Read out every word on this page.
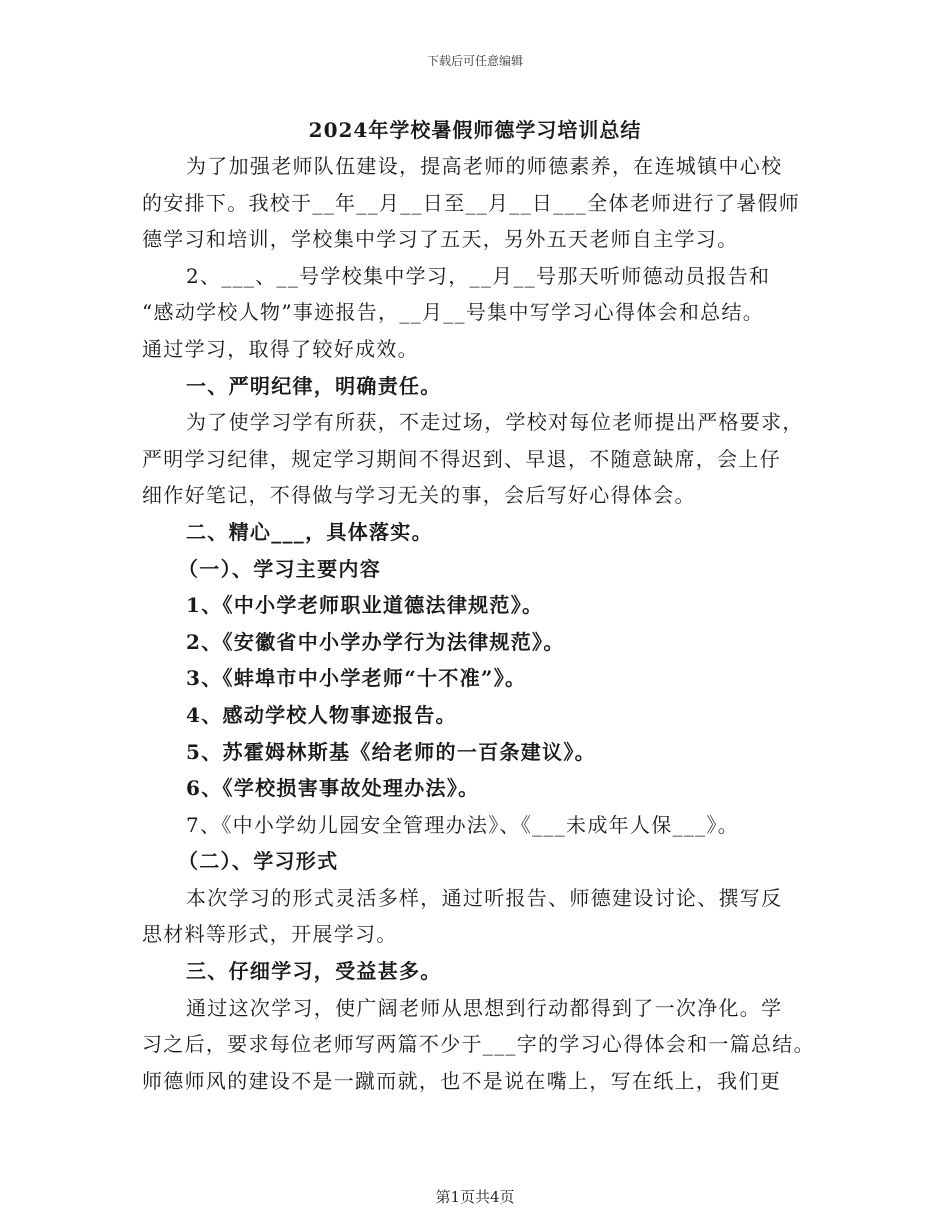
下载后可任意编辑
2024年学校暑假师德学习培训总结

为了加强老师队伍建设，提高老师的师德素养，在连城镇中心校

的安排下。我校于__年__月__日至__月__日___全体老师进行了暑假师

德学习和培训，学校集中学习了五天，另外五天老师自主学习。

2、___、__号学校集中学习，__月__号那天听师德动员报告和

“感动学校人物”事迹报告，__月__号集中写学习心得体会和总结。

通过学习，取得了较好成效。

一、严明纪律，明确责任。

为了使学习学有所获，不走过场，学校对每位老师提出严格要求，

严明学习纪律，规定学习期间不得迟到、早退，不随意缺席，会上仔

细作好笔记，不得做与学习无关的事，会后写好心得体会。

二、精心___，具体落实。

（一）、学习主要内容

1、《中小学老师职业道德法律规范》。

2、《安徽省中小学办学行为法律规范》。

3、《蚌埠市中小学老师“十不准”》。

4、感动学校人物事迹报告。

5、苏霍姆林斯基《给老师的一百条建议》。

6、《学校损害事故处理办法》。

7、《中小学幼儿园安全管理办法》、《___未成年人保___》。

（二）、学习形式

本次学习的形式灵活多样，通过听报告、师德建设讨论、撰写反

思材料等形式，开展学习。

三、仔细学习，受益甚多。

通过这次学习，使广阔老师从思想到行动都得到了一次净化。学

习之后，要求每位老师写两篇不少于___字的学习心得体会和一篇总结。

师德师风的建设不是一蹴而就，也不是说在嘴上，写在纸上，我们更

第1页共4页
